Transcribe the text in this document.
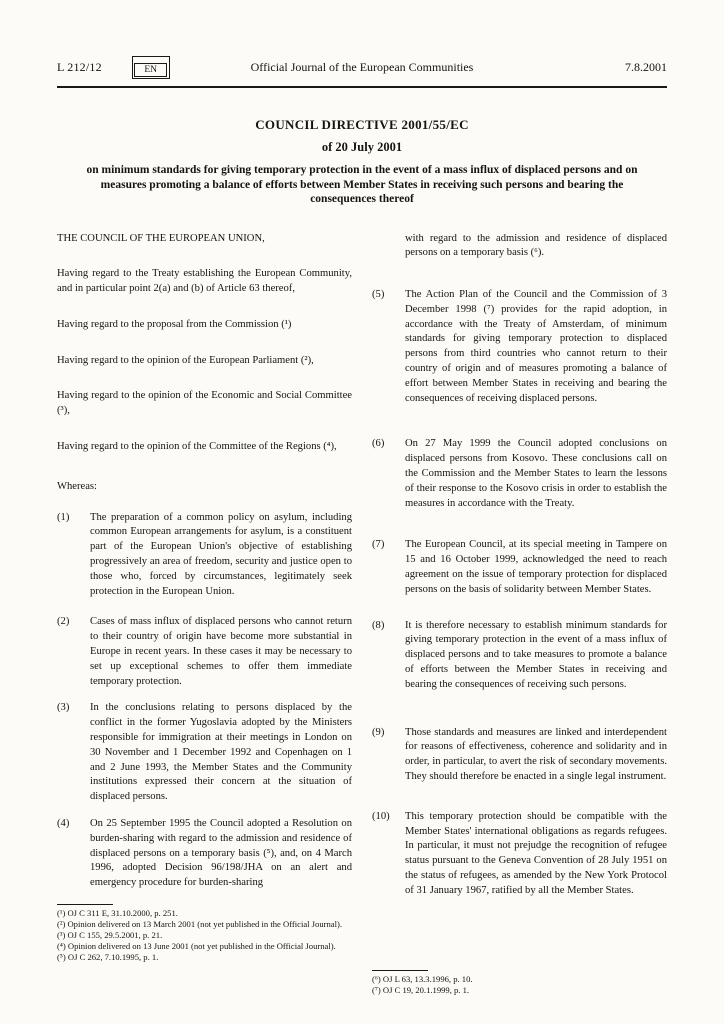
L 212/12	EN	Official Journal of the European Communities	7.8.2001
COUNCIL DIRECTIVE 2001/55/EC
of 20 July 2001
on minimum standards for giving temporary protection in the event of a mass influx of displaced persons and on measures promoting a balance of efforts between Member States in receiving such persons and bearing the consequences thereof

THE COUNCIL OF THE EUROPEAN UNION,

Having regard to the Treaty establishing the European Community, and in particular point 2(a) and (b) of Article 63 thereof,

Having regard to the proposal from the Commission (¹)

Having regard to the opinion of the European Parliament (²),

Having regard to the opinion of the Economic and Social Committee (³),

Having regard to the opinion of the Committee of the Regions (⁴),

Whereas:

(1)	The preparation of a common policy on asylum, including common European arrangements for asylum, is a constituent part of the European Union's objective of establishing progressively an area of freedom, security and justice open to those who, forced by circumstances, legitimately seek protection in the European Union.
(2)	Cases of mass influx of displaced persons who cannot return to their country of origin have become more substantial in Europe in recent years. In these cases it may be necessary to set up exceptional schemes to offer them immediate temporary protection.
(3)	In the conclusions relating to persons displaced by the conflict in the former Yugoslavia adopted by the Ministers responsible for immigration at their meetings in London on 30 November and 1 December 1992 and Copenhagen on 1 and 2 June 1993, the Member States and the Community institutions expressed their concern at the situation of displaced persons.
(4)	On 25 September 1995 the Council adopted a Resolution on burden-sharing with regard to the admission and residence of displaced persons on a temporary basis (⁵), and, on 4 March 1996, adopted Decision 96/198/JHA on an alert and emergency procedure for burden-sharing
(¹) OJ C 311 E, 31.10.2000, p. 251.
(²) Opinion delivered on 13 March 2001 (not yet published in the Official Journal).
(³) OJ C 155, 29.5.2001, p. 21.
(⁴) Opinion delivered on 13 June 2001 (not yet published in the Official Journal).
(⁵) OJ C 262, 7.10.1995, p. 1.

with regard to the admission and residence of displaced persons on a temporary basis (⁶).

(5)	The Action Plan of the Council and the Commission of 3 December 1998 (⁷) provides for the rapid adoption, in accordance with the Treaty of Amsterdam, of minimum standards for giving temporary protection to displaced persons from third countries who cannot return to their country of origin and of measures promoting a balance of effort between Member States in receiving and bearing the consequences of receiving displaced persons.
(6)	On 27 May 1999 the Council adopted conclusions on displaced persons from Kosovo. These conclusions call on the Commission and the Member States to learn the lessons of their response to the Kosovo crisis in order to establish the measures in accordance with the Treaty.
(7)	The European Council, at its special meeting in Tampere on 15 and 16 October 1999, acknowledged the need to reach agreement on the issue of temporary protection for displaced persons on the basis of solidarity between Member States.
(8)	It is therefore necessary to establish minimum standards for giving temporary protection in the event of a mass influx of displaced persons and to take measures to promote a balance of efforts between the Member States in receiving and bearing the consequences of receiving such persons.
(9)	Those standards and measures are linked and interdependent for reasons of effectiveness, coherence and solidarity and in order, in particular, to avert the risk of secondary movements. They should therefore be enacted in a single legal instrument.
(10)	This temporary protection should be compatible with the Member States' international obligations as regards refugees. In particular, it must not prejudge the recognition of refugee status pursuant to the Geneva Convention of 28 July 1951 on the status of refugees, as amended by the New York Protocol of 31 January 1967, ratified by all the Member States.
(⁶) OJ L 63, 13.3.1996, p. 10.
(⁷) OJ C 19, 20.1.1999, p. 1.
